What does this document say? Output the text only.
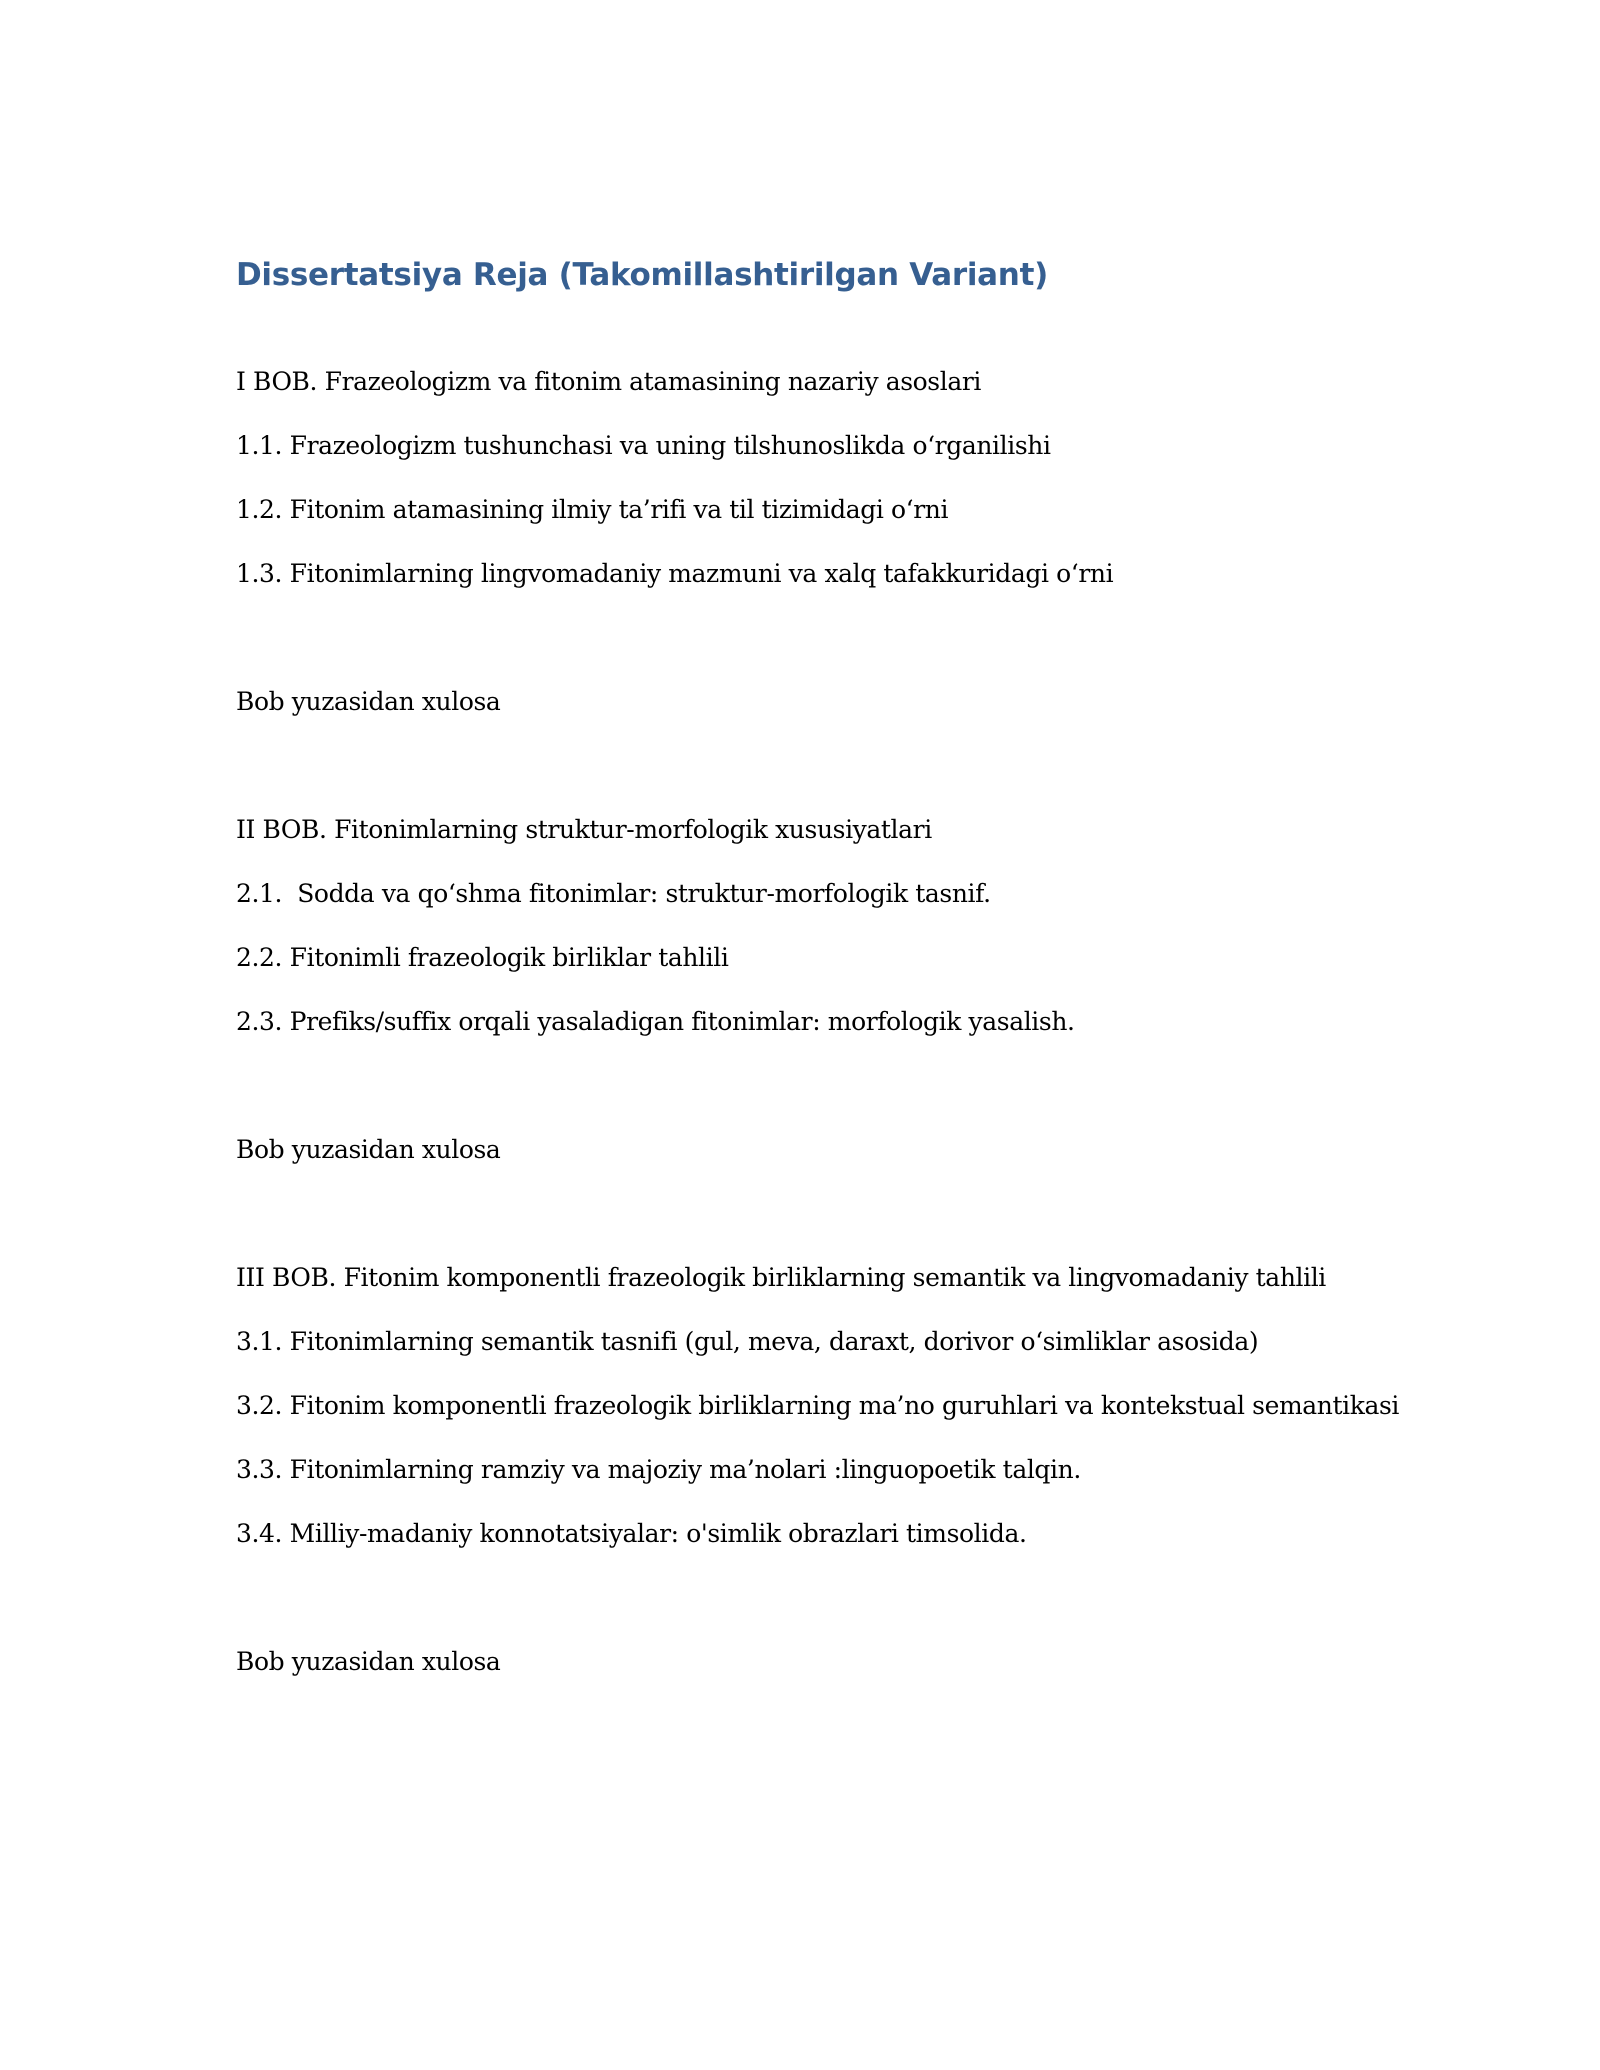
Dissertatsiya Reja (Takomillashtirilgan Variant)

I BOB. Frazeologizm va fitonim atamasining nazariy asoslari

1.1. Frazeologizm tushunchasi va uning tilshunoslikda o‘rganilishi

1.2. Fitonim atamasining ilmiy ta’rifi va til tizimidagi o‘rni

1.3. Fitonimlarning lingvomadaniy mazmuni va xalq tafakkuridagi o‘rni

Bob yuzasidan xulosa

II BOB. Fitonimlarning struktur-morfologik xususiyatlari

2.1.  Sodda va qo‘shma fitonimlar: struktur-morfologik tasnif.

2.2. Fitonimli frazeologik birliklar tahlili

2.3. Prefiks/suffix orqali yasaladigan fitonimlar: morfologik yasalish.

Bob yuzasidan xulosa

III BOB. Fitonim komponentli frazeologik birliklarning semantik va lingvomadaniy tahlili

3.1. Fitonimlarning semantik tasnifi (gul, meva, daraxt, dorivor o‘simliklar asosida)

3.2. Fitonim komponentli frazeologik birliklarning ma’no guruhlari va kontekstual semantikasi

3.3. Fitonimlarning ramziy va majoziy ma’nolari :linguopoetik talqin.

3.4. Milliy-madaniy konnotatsiyalar: o'simlik obrazlari timsolida.

Bob yuzasidan xulosa
